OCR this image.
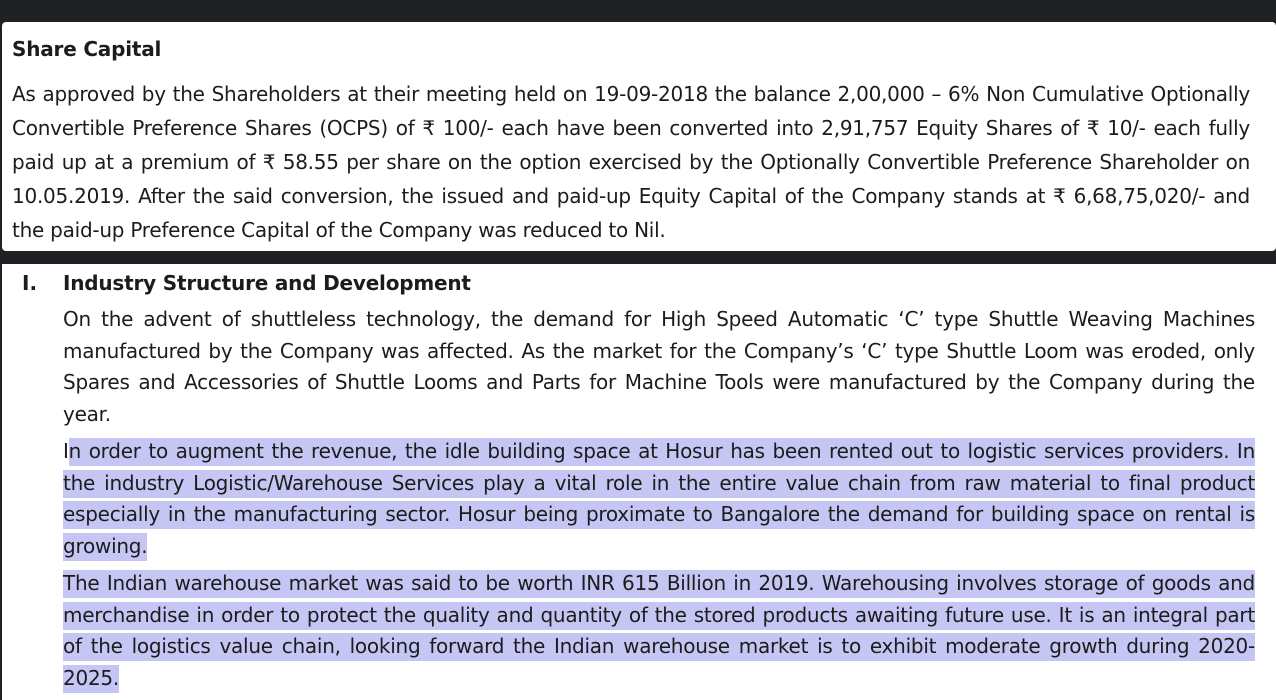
Share Capital
As approved by the Shareholders at their meeting held on 19-09-2018 the balance 2,00,000 – 6% Non Cumulative Optionally Convertible Preference Shares (OCPS) of ₹ 100/- each have been converted into 2,91,757 Equity Shares of ₹ 10/- each fully paid up at a premium of ₹ 58.55 per share on the option exercised by the Optionally Convertible Preference Shareholder on 10.05.2019. After the said conversion, the issued and paid-up Equity Capital of the Company stands at ₹ 6,68,75,020/- and the paid-up Preference Capital of the Company was reduced to Nil.
I. Industry Structure and Development
On the advent of shuttleless technology, the demand for High Speed Automatic ‘C’ type Shuttle Weaving Machines manufactured by the Company was affected. As the market for the Company’s ‘C’ type Shuttle Loom was eroded, only Spares and Accessories of Shuttle Looms and Parts for Machine Tools were manufactured by the Company during the year.
In order to augment the revenue, the idle building space at Hosur has been rented out to logistic services providers. In the industry Logistic/Warehouse Services play a vital role in the entire value chain from raw material to final product especially in the manufacturing sector. Hosur being proximate to Bangalore the demand for building space on rental is growing.
The Indian warehouse market was said to be worth INR 615 Billion in 2019. Warehousing involves storage of goods and merchandise in order to protect the quality and quantity of the stored products awaiting future use. It is an integral part of the logistics value chain, looking forward the Indian warehouse market is to exhibit moderate growth during 2020-2025.
